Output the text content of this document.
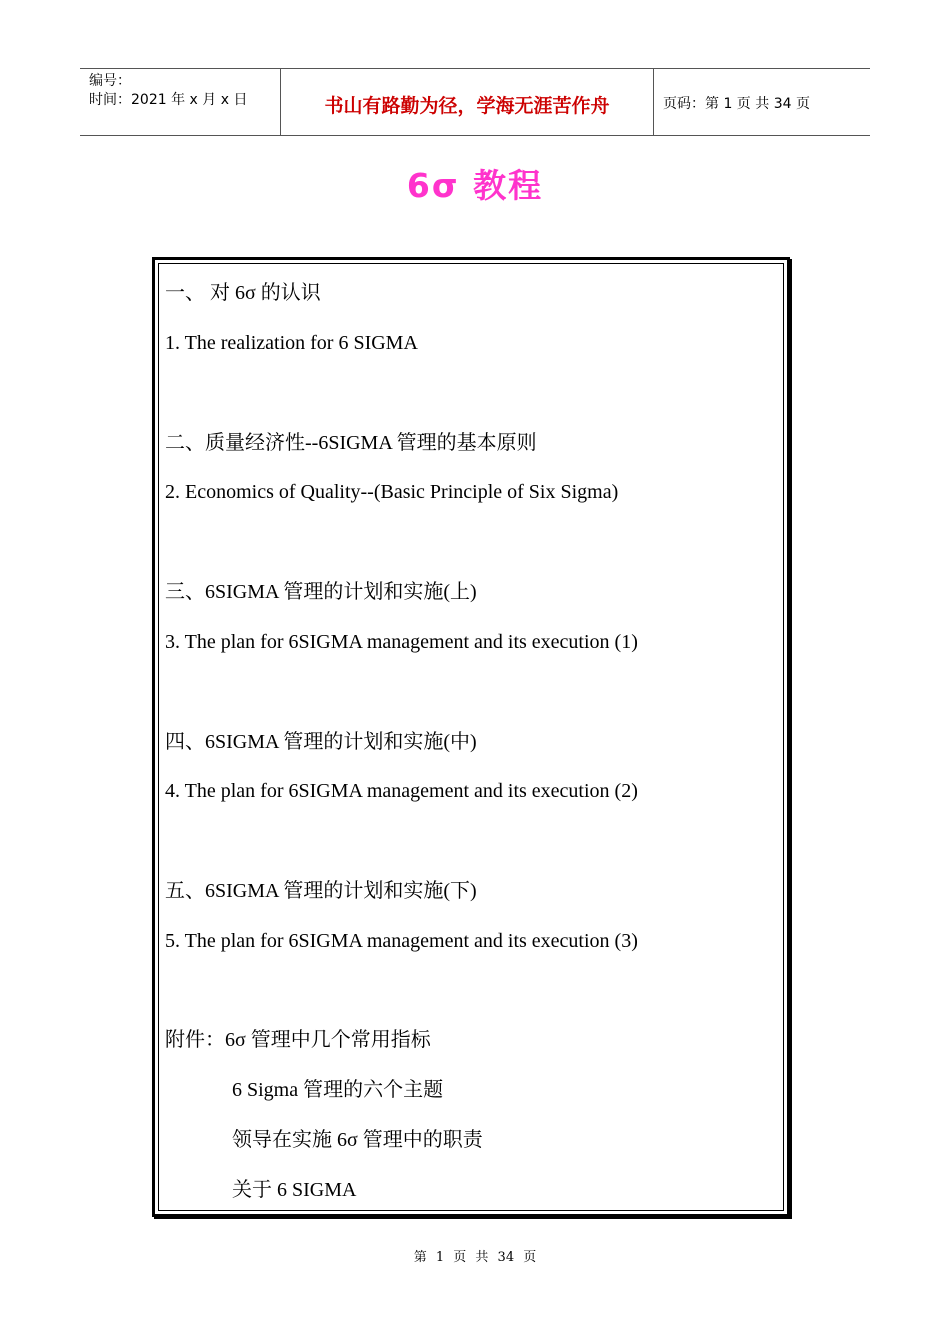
编号：
时间：2021 年 x 月 x 日	书山有路勤为径，学海无涯苦作舟	页码：第 1 页 共 34 页
6σ 教程
一、 对 6σ 的认识
1. The realization for 6 SIGMA
二、质量经济性--6SIGMA 管理的基本原则
2. Economics of Quality--(Basic Principle of Six Sigma)
三、6SIGMA 管理的计划和实施(上)
3. The plan for 6SIGMA management and its execution (1)
四、6SIGMA 管理的计划和实施(中)
4. The plan for 6SIGMA management and its execution (2)
五、6SIGMA 管理的计划和实施(下)
5. The plan for 6SIGMA management and its execution (3)
附件：6σ 管理中几个常用指标
6 Sigma 管理的六个主题
领导在实施 6σ 管理中的职责
关于 6 SIGMA
第 1 页 共 34 页
